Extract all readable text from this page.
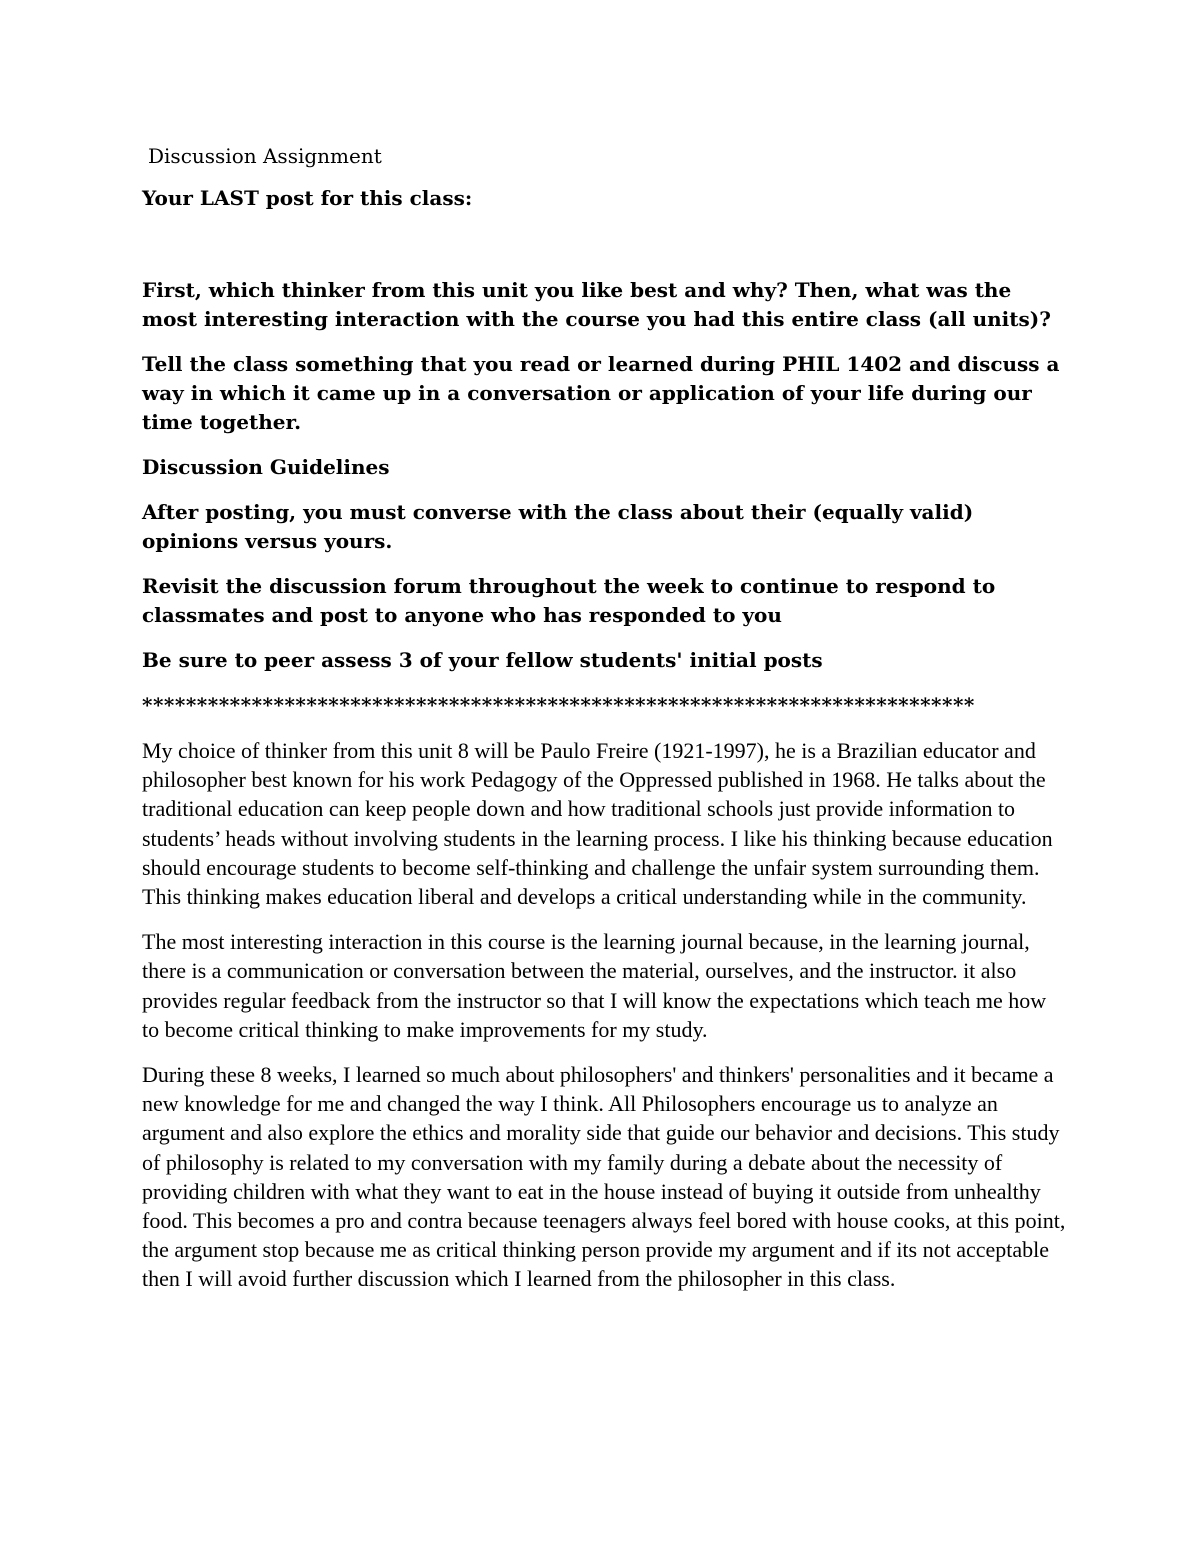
Discussion Assignment

Your LAST post for this class:

First, which thinker from this unit you like best and why? Then, what was the most interesting interaction with the course you had this entire class (all units)?

Tell the class something that you read or learned during PHIL 1402 and discuss a way in which it came up in a conversation or application of your life during our time together.

Discussion Guidelines

After posting, you must converse with the class about their (equally valid) opinions versus yours.

Revisit the discussion forum throughout the week to continue to respond to classmates and post to anyone who has responded to you

Be sure to peer assess 3 of your fellow students' initial posts

****************************************************************************

My choice of thinker from this unit 8 will be Paulo Freire (1921-1997), he is a Brazilian educator and philosopher best known for his work Pedagogy of the Oppressed published in 1968. He talks about the traditional education can keep people down and how traditional schools just provide information to students’ heads without involving students in the learning process. I like his thinking because education should encourage students to become self-thinking and challenge the unfair system surrounding them. This thinking makes education liberal and develops a critical understanding while in the community.

The most interesting interaction in this course is the learning journal because, in the learning journal, there is a communication or conversation between the material, ourselves, and the instructor. it also provides regular feedback from the instructor so that I will know the expectations which teach me how to become critical thinking to make improvements for my study.

During these 8 weeks, I learned so much about philosophers' and thinkers' personalities and it became a new knowledge for me and changed the way I think. All Philosophers encourage us to analyze an argument and also explore the ethics and morality side that guide our behavior and decisions. This study of philosophy is related to my conversation with my family during a debate about the necessity of providing children with what they want to eat in the house instead of buying it outside from unhealthy food. This becomes a pro and contra because teenagers always feel bored with house cooks, at this point, the argument stop because me as critical thinking person provide my argument and if its not acceptable then I will avoid further discussion which I learned from the philosopher in this class.
